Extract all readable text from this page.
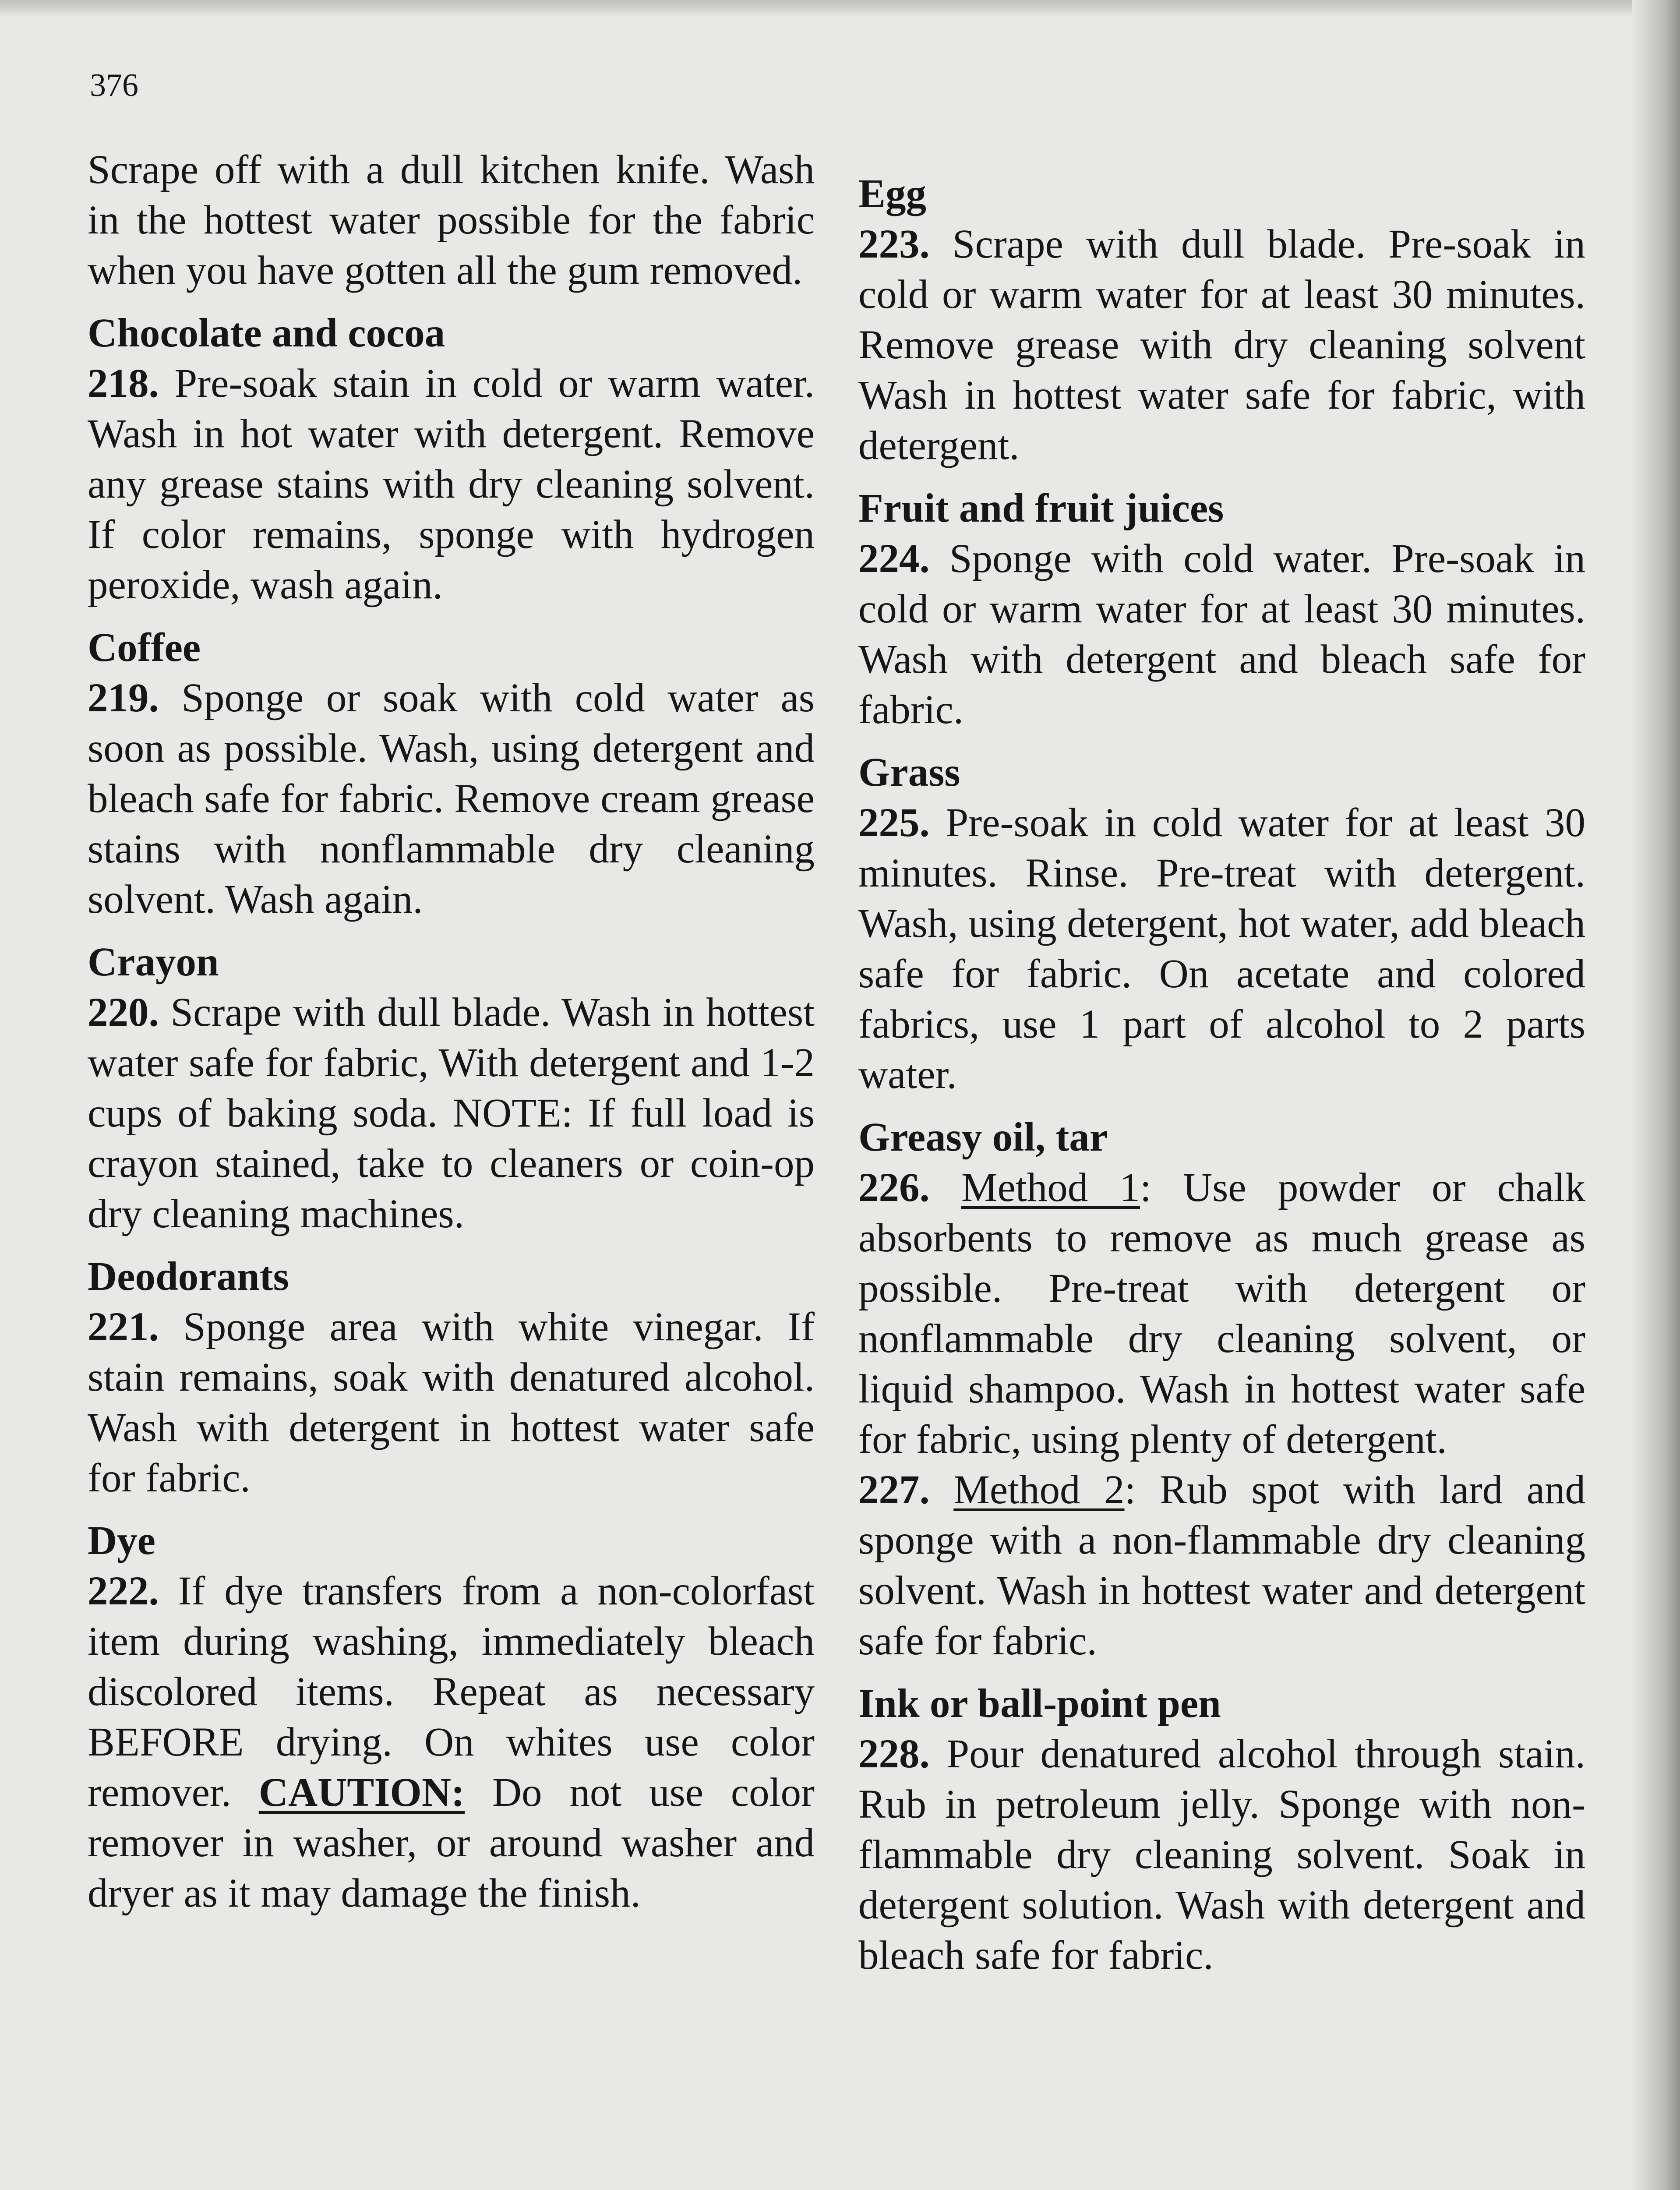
376

Scrape off with a dull kitchen knife. Wash in the hottest water possible for the fabric when you have gotten all the gum removed.

Chocolate and cocoa
218. Pre-soak stain in cold or warm water. Wash in hot water with detergent. Remove any grease stains with dry cleaning solvent. If color remains, sponge with hydrogen peroxide, wash again.
Coffee
219. Sponge or soak with cold water as soon as possible. Wash, using detergent and bleach safe for fabric. Remove cream grease stains with nonflammable dry cleaning solvent. Wash again.
Crayon
220. Scrape with dull blade. Wash in hottest water safe for fabric, With detergent and 1-2 cups of baking soda. NOTE: If full load is crayon stained, take to cleaners or coin-op dry cleaning machines.
Deodorants
221. Sponge area with white vinegar. If stain remains, soak with denatured alcohol. Wash with detergent in hottest water safe for fabric.
Dye
222. If dye transfers from a non-colorfast item during washing, immediately bleach discolored items. Repeat as necessary BEFORE drying. On whites use color remover. CAUTION: Do not use color remover in washer, or around washer and dryer as it may damage the finish.
Egg
223. Scrape with dull blade. Pre-soak in cold or warm water for at least 30 minutes. Remove grease with dry cleaning solvent Wash in hottest water safe for fabric, with detergent.
Fruit and fruit juices
224. Sponge with cold water. Pre-soak in cold or warm water for at least 30 minutes. Wash with detergent and bleach safe for fabric.
Grass
225. Pre-soak in cold water for at least 30 minutes. Rinse. Pre-treat with detergent. Wash, using detergent, hot water, add bleach safe for fabric. On acetate and colored fabrics, use 1 part of alcohol to 2 parts water.
Greasy oil, tar
226. Method 1: Use powder or chalk absorbents to remove as much grease as possible. Pre-treat with detergent or nonflammable dry cleaning solvent, or liquid shampoo. Wash in hottest water safe for fabric, using plenty of detergent.
227. Method 2: Rub spot with lard and sponge with a non-flammable dry cleaning solvent. Wash in hottest water and detergent safe for fabric.
Ink or ball-point pen
228. Pour denatured alcohol through stain. Rub in petroleum jelly. Sponge with non-flammable dry cleaning solvent. Soak in detergent solution. Wash with detergent and bleach safe for fabric.
